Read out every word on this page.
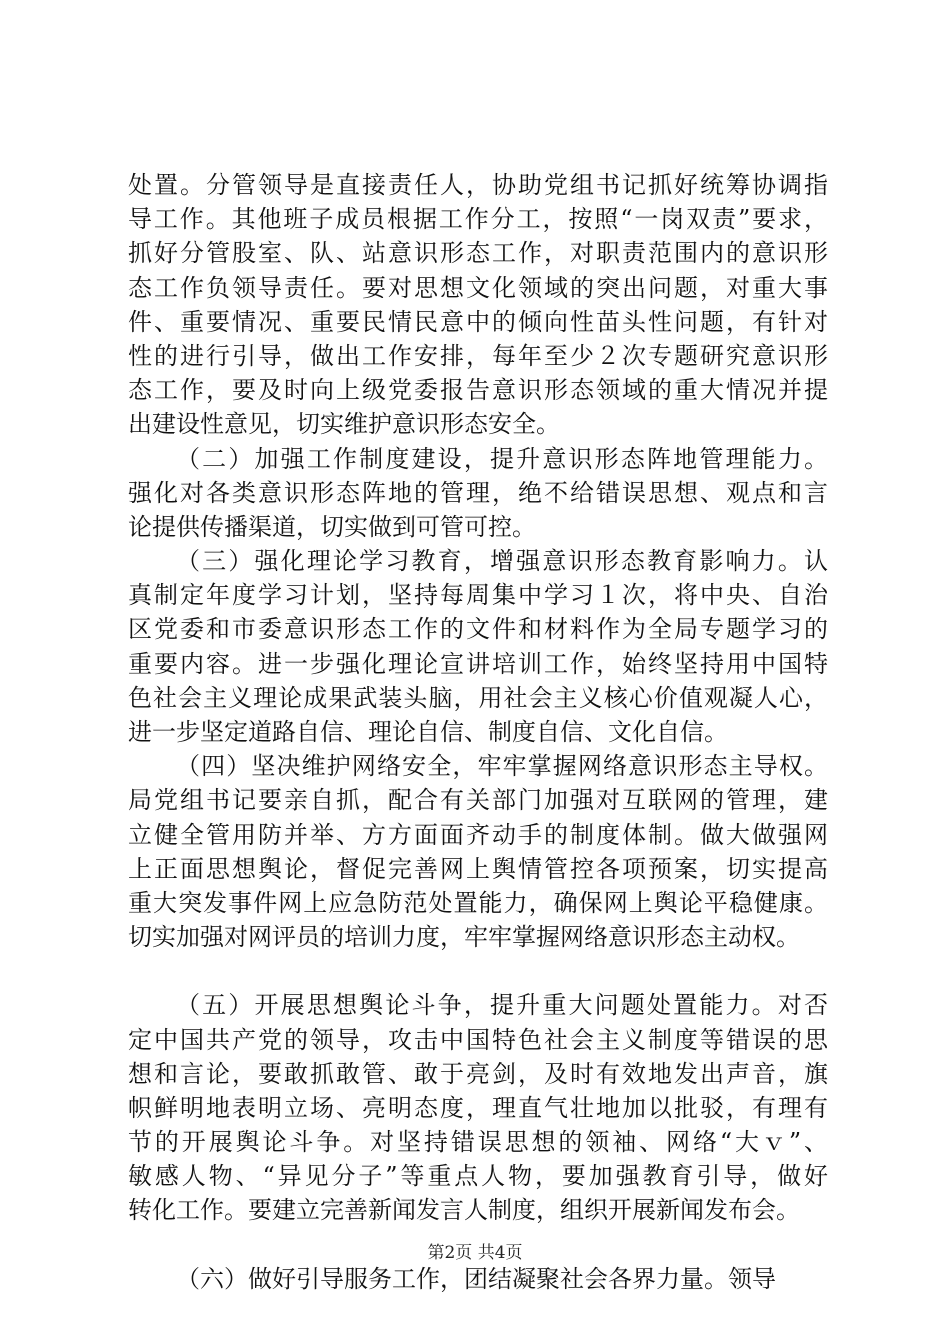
处置。分管领导是直接责任人，协助党组书记抓好统筹协调指
导工作。其他班子成员根据工作分工，按照“一岗双责”要求，
抓好分管股室、队、站意识形态工作，对职责范围内的意识形
态工作负领导责任。要对思想文化领域的突出问题，对重大事
件、重要情况、重要民情民意中的倾向性苗头性问题，有针对
性的进行引导，做出工作安排，每年至少２次专题研究意识形
态工作，要及时向上级党委报告意识形态领域的重大情况并提
出建设性意见，切实维护意识形态安全。
（二）加强工作制度建设，提升意识形态阵地管理能力。
强化对各类意识形态阵地的管理，绝不给错误思想、观点和言
论提供传播渠道，切实做到可管可控。
（三）强化理论学习教育，增强意识形态教育影响力。认
真制定年度学习计划，坚持每周集中学习１次，将中央、自治
区党委和市委意识形态工作的文件和材料作为全局专题学习的
重要内容。进一步强化理论宣讲培训工作，始终坚持用中国特
色社会主义理论成果武装头脑，用社会主义核心价值观凝人心，
进一步坚定道路自信、理论自信、制度自信、文化自信。
（四）坚决维护网络安全，牢牢掌握网络意识形态主导权。
局党组书记要亲自抓，配合有关部门加强对互联网的管理，建
立健全管用防并举、方方面面齐动手的制度体制。做大做强网
上正面思想舆论，督促完善网上舆情管控各项预案，切实提高
重大突发事件网上应急防范处置能力，确保网上舆论平稳健康。
切实加强对网评员的培训力度，牢牢掌握网络意识形态主动权。
（五）开展思想舆论斗争，提升重大问题处置能力。对否
定中国共产党的领导，攻击中国特色社会主义制度等错误的思
想和言论，要敢抓敢管、敢于亮剑，及时有效地发出声音，旗
帜鲜明地表明立场、亮明态度，理直气壮地加以批驳，有理有
节的开展舆论斗争。对坚持错误思想的领袖、网络“大ｖ”、
敏感人物、“异见分子”等重点人物，要加强教育引导，做好
转化工作。要建立完善新闻发言人制度，组织开展新闻发布会。
（六）做好引导服务工作，团结凝聚社会各界力量。领导
第2页 共4页
